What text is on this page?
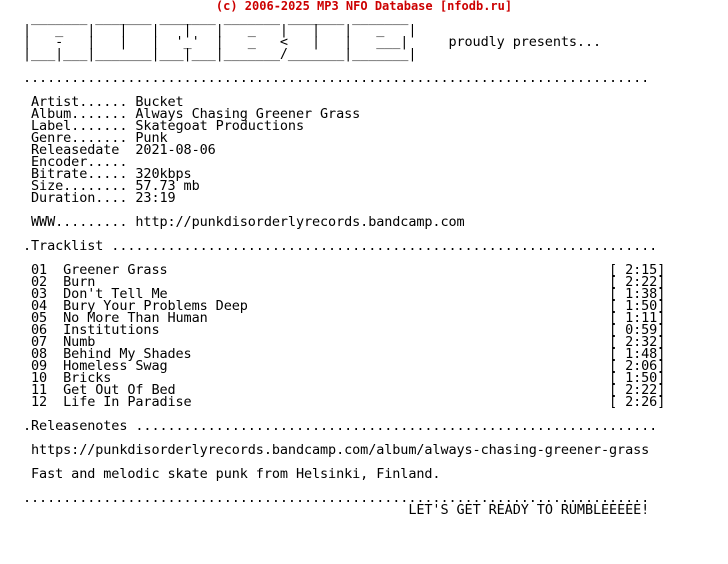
(c) 2006-2025 MP3 NFO Database [nfodb.ru]
_______ _______ _______ _______ _______ _______
|   _   |   |   |   |   |   _   |   |   |   _   |
|   -   |   |   |  '_'  |   _   <   |   |   ___|     proudly presents...
|___|___|_______|___|___|_______/_______|_______|

..............................................................................

Artist...... Bucket
Album....... Always Chasing Greener Grass
Label....... Skategoat Productions
Genre....... Punk
Releasedate  2021-08-06
Encoder.....
Bitrate..... 320kbps
Size........ 57.73 mb
Duration.... 23:19

WWW......... http://punkdisorderlyrecords.bandcamp.com

.Tracklist ....................................................................

01  Greener Grass                                                       [ 2:15]
02  Burn                                                                [ 2:22]
03  Don't Tell Me                                                       [ 1:38]
04  Bury Your Problems Deep                                             [ 1:50]
05  No More Than Human                                                  [ 1:11]
06  Institutions                                                        [ 0:59]
07  Numb                                                                [ 2:32]
08  Behind My Shades                                                    [ 1:48]
09  Homeless Swag                                                       [ 2:06]
10  Bricks                                                              [ 1:50]
11  Get Out Of Bed                                                      [ 2:22]
12  Life In Paradise                                                    [ 2:26]

.Releasenotes .................................................................

https://punkdisorderlyrecords.bandcamp.com/album/always-chasing-greener-grass

Fast and melodic skate punk from Helsinki, Finland.

..............................................................................
LET'S GET READY TO RUMBLEEEEE!
